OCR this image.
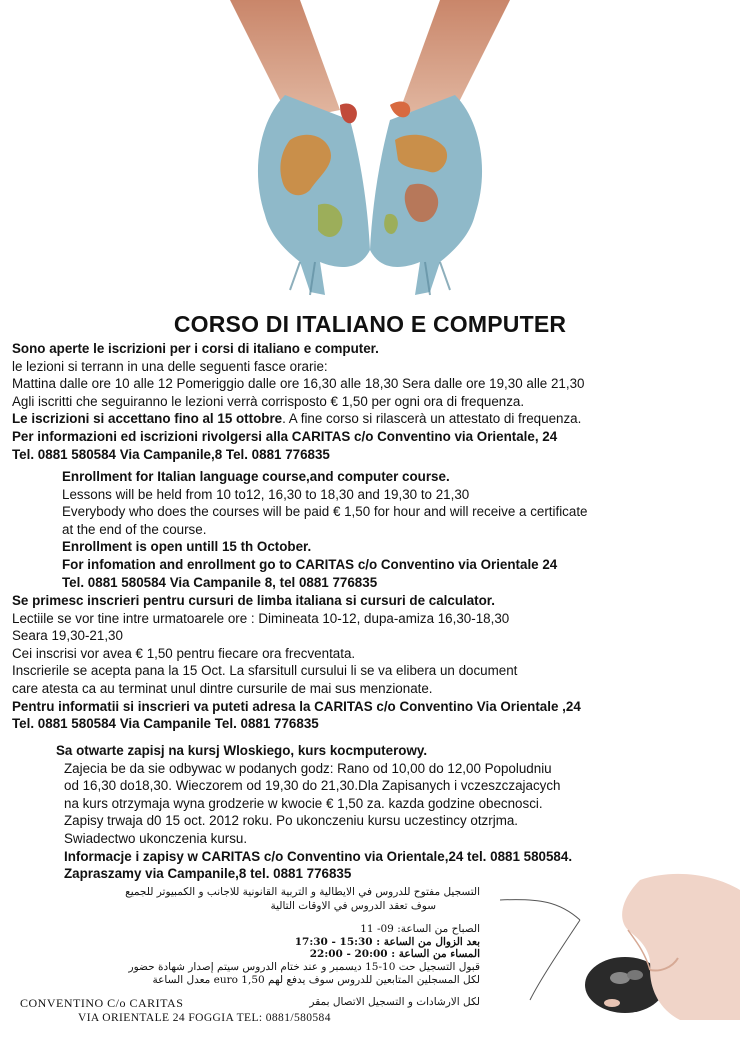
CORSO DI ITALIANO E COMPUTER

Sono aperte le iscrizioni per i corsi di italiano e computer.

le lezioni si terrann in una delle seguenti fasce orarie:

Mattina dalle ore 10 alle 12 Pomeriggio dalle ore 16,30 alle 18,30 Sera dalle ore 19,30 alle 21,30

Agli iscritti che seguiranno le lezioni verrà corrisposto € 1,50 per ogni ora di frequenza.

Le iscrizioni si accettano fino al 15 ottobre. A fine corso si rilascerà un attestato di frequenza.

Per informazioni ed iscrizioni rivolgersi alla CARITAS c/o Conventino via Orientale, 24

Tel. 0881 580584 Via Campanile,8 Tel. 0881 776835

Enrollment for Italian language course,and computer course.

Lessons will be held from 10 to12, 16,30 to 18,30 and 19,30 to 21,30

Everybody who does the courses will be paid € 1,50 for hour and will receive a certificate

at the end of the course.

Enrollment is open untill 15 th October.

For infomation and enrollment go to CARITAS c/o Conventino via Orientale 24

Tel. 0881 580584 Via Campanile 8, tel 0881 776835

Se primesc inscrieri pentru cursuri de limba italiana si cursuri de calculator.

Lectiile se vor tine intre urmatoarele ore : Dimineata 10-12, dupa-amiza 16,30-18,30

Seara 19,30-21,30

Cei inscrisi vor avea € 1,50 pentru fiecare ora frecventata.

Inscrierile se acepta pana la 15 Oct. La sfarsitull cursului li se va elibera un document

care atesta ca au terminat unul dintre cursurile de mai sus menzionate.

Pentru informatii si inscrieri va puteti adresa la CARITAS c/o Conventino Via Orientale ,24

Tel. 0881 580584 Via Campanile Tel. 0881 776835

Sa otwarte zapisj na kursj Wloskiego, kurs kocmputerowy.

Zajecia be da sie odbywac w podanych godz: Rano od 10,00 do 12,00 Popoludniu

od 16,30 do18,30. Wieczorem od 19,30 do 21,30.Dla Zapisanych i vczeszczajacych

na kurs otrzymaja wyna grodzerie w kwocie € 1,50 za. kazda godzine obecnosci.

Zapisy trwaja d0 15 oct. 2012 roku. Po ukonczeniu kursu uczestincy otzrjma.

Swiadectwo ukonczenia kursu.

Informacje i zapisy w CARITAS c/o Conventino via Orientale,24 tel. 0881 580584.

Zapraszamy via Campanile,8 tel. 0881 776835

التسجيل مفتوح للدروس في الايطالية و التربية القانونية للاجانب و الكمبيوتر للجميع

سوف تعقد الدروس في الاوقات التالية

الصباح من الساعة: 09- 11

بعد الزوال من الساعة : 15:30 - 17:30

المساء من الساعة : 20:00 - 22:00

قبول التسجيل حت 10-15 ديسمبر و عند ختام الدروس سيتم إصدار شهادة حضور

لكل المسجلين المتابعين للدروس سوف يدفع لهم 1,50 euro معدل الساعة

لكل الارشادات و التسجيل الاتصال بمقر

CONVENTINO C/o CARITAS

VIA ORIENTALE 24 FOGGIA TEL: 0881/580584
